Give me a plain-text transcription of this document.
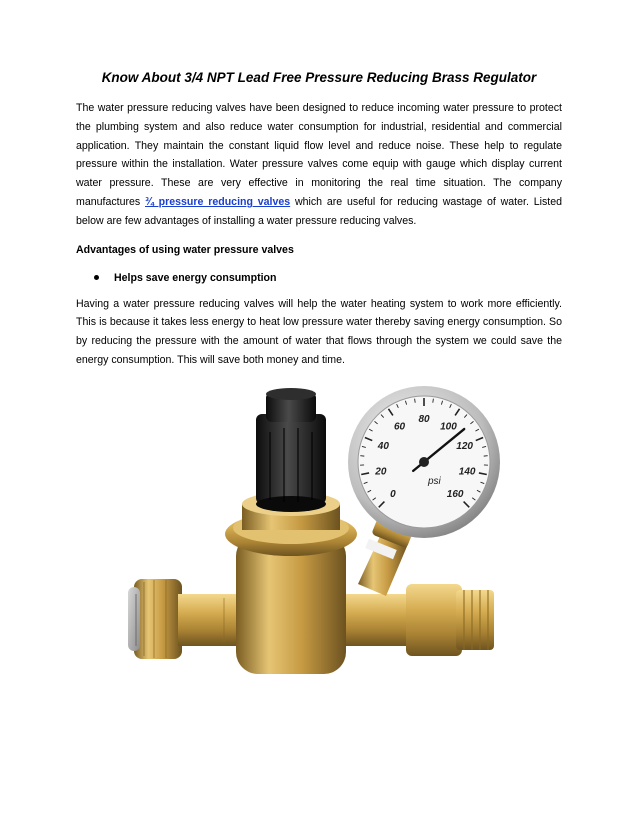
Know About 3/4 NPT Lead Free Pressure Reducing Brass Regulator

The water pressure reducing valves have been designed to reduce incoming water pressure to protect the plumbing system and also reduce water consumption for industrial, residential and commercial application. They maintain the constant liquid flow level and reduce noise. These help to regulate pressure within the installation. Water pressure valves come equip with gauge which display current water pressure. These are very effective in monitoring the real time situation. The company manufactures ¾ pressure reducing valves which are useful for reducing wastage of water. Listed below are few advantages of installing a water pressure reducing valves.

Advantages of using water pressure valves

Helps save energy consumption

Having a water pressure reducing valves will help the water heating system to work more efficiently. This is because it takes less energy to heat low pressure water thereby saving energy consumption. So by reducing the pressure with the amount of water that flows through the system we could save the energy consumption. This will save both money and time.

0
20
40
60
80
100
120
140
160
psi
